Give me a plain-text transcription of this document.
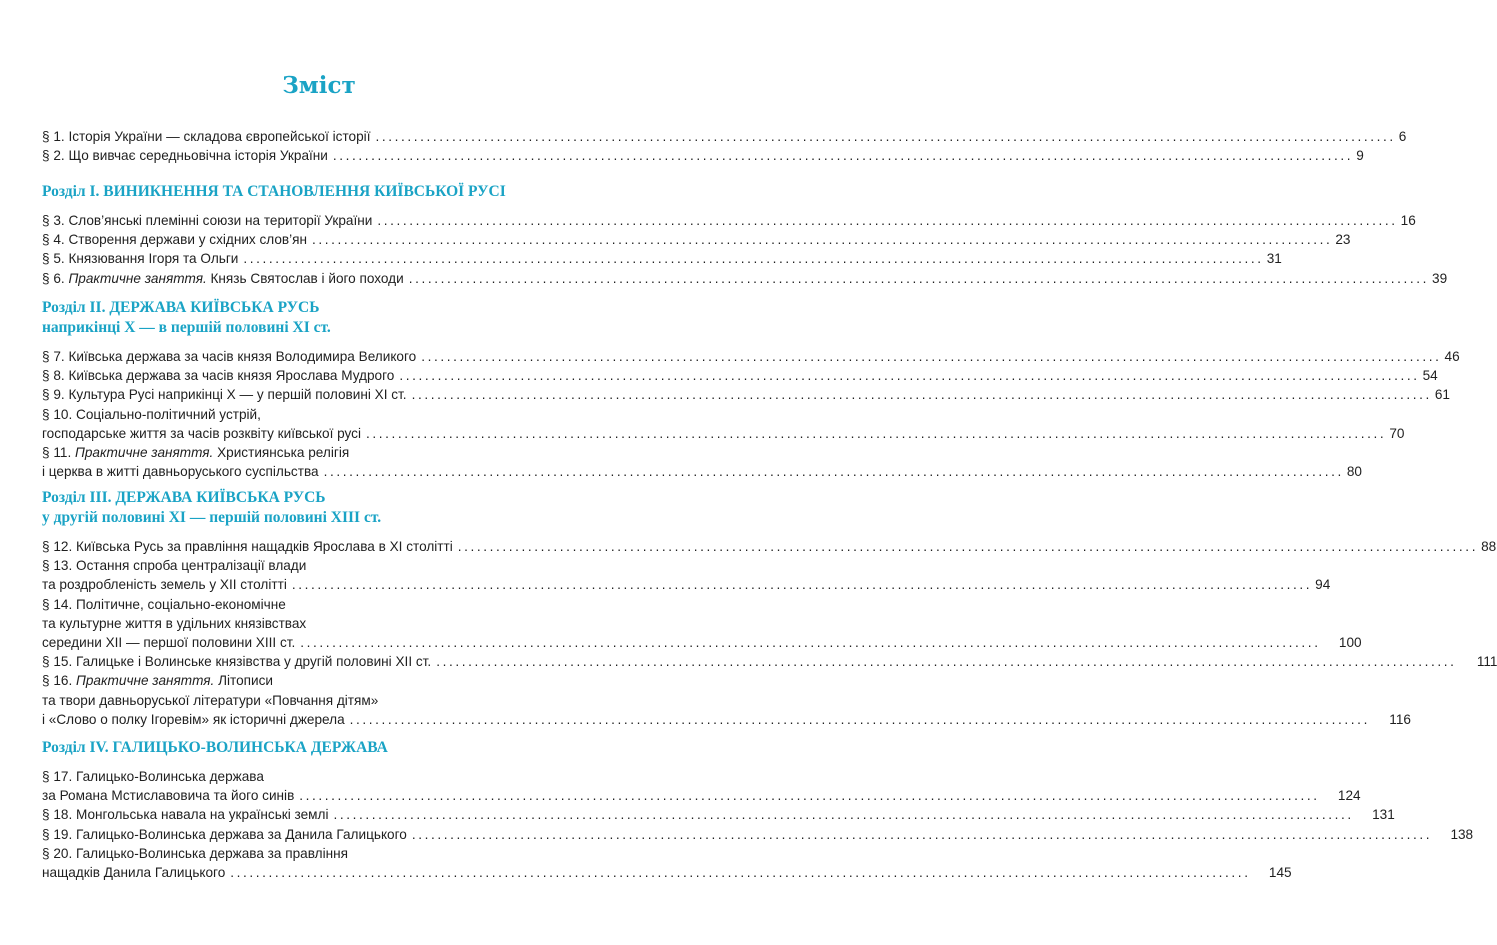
Зміст
§ 1. Історія України — складова європейської історії ................................................................................................................................................................ 6
§ 2. Що вивчає середньовічна історія України ................................................................................................................................................................ 9
Розділ І. ВИНИКНЕННЯ ТА СТАНОВЛЕННЯ КИЇВСЬКОЇ РУСІ
§ 3. Слов’янські племінні союзи на території України ................................................................................................................................................................ 16
§ 4. Створення держави у східних слов’ян ................................................................................................................................................................ 23
§ 5. Князювання Ігоря та Ольги ................................................................................................................................................................ 31
§ 6. Практичне заняття. Князь Святослав і його походи ................................................................................................................................................................ 39
Розділ ІІ. ДЕРЖАВА КИЇВСЬКА РУСЬ
наприкінці Х — в першій половині ХІ ст.
§ 7. Київська держава за часів князя Володимира Великого ................................................................................................................................................................ 46
§ 8. Київська держава за часів князя Ярослава Мудрого ................................................................................................................................................................ 54
§ 9. Культура Русі наприкінці Х — у першій половині ХІ ст. ................................................................................................................................................................ 61
§ 10. Соціально-політичний устрій,
господарське життя за часів розквіту київської русі ................................................................................................................................................................ 70
§ 11. Практичне заняття. Християнська релігія
і церква в житті давньоруського суспільства ................................................................................................................................................................ 80
Розділ ІІІ. ДЕРЖАВА КИЇВСЬКА РУСЬ
у другій половині ХІ — першій половині ХІІІ ст.
§ 12. Київська Русь за правління нащадків Ярослава в ХІ столітті ................................................................................................................................................................ 88
§ 13. Остання спроба централізації влади
та роздробленість земель у ХІІ столітті ................................................................................................................................................................ 94
§ 14. Політичне, соціально-економічне
та культурне життя в удільних князівствах
середини ХІІ — першої половини ХІІІ ст. ................................................................................................................................................................	100
§ 15. Галицьке і Волинське князівства у другій половині ХІІ ст. ................................................................................................................................................................	111
§ 16. Практичне заняття. Літописи
та твори давньоруської літератури «Повчання дітям»
і «Слово о полку Ігоревім» як історичні джерела ................................................................................................................................................................	116
Розділ IV. ГАЛИЦЬКО-ВОЛИНСЬКА ДЕРЖАВА
§ 17. Галицько-Волинська держава
за Романа Мстиславовича та його синів ................................................................................................................................................................	124
§ 18. Монгольська навала на українські землі ................................................................................................................................................................	131
§ 19. Галицько-Волинська держава за Данила Галицького ................................................................................................................................................................	138
§ 20. Галицько-Волинська держава за правління
нащадків Данила Галицького ................................................................................................................................................................	145
